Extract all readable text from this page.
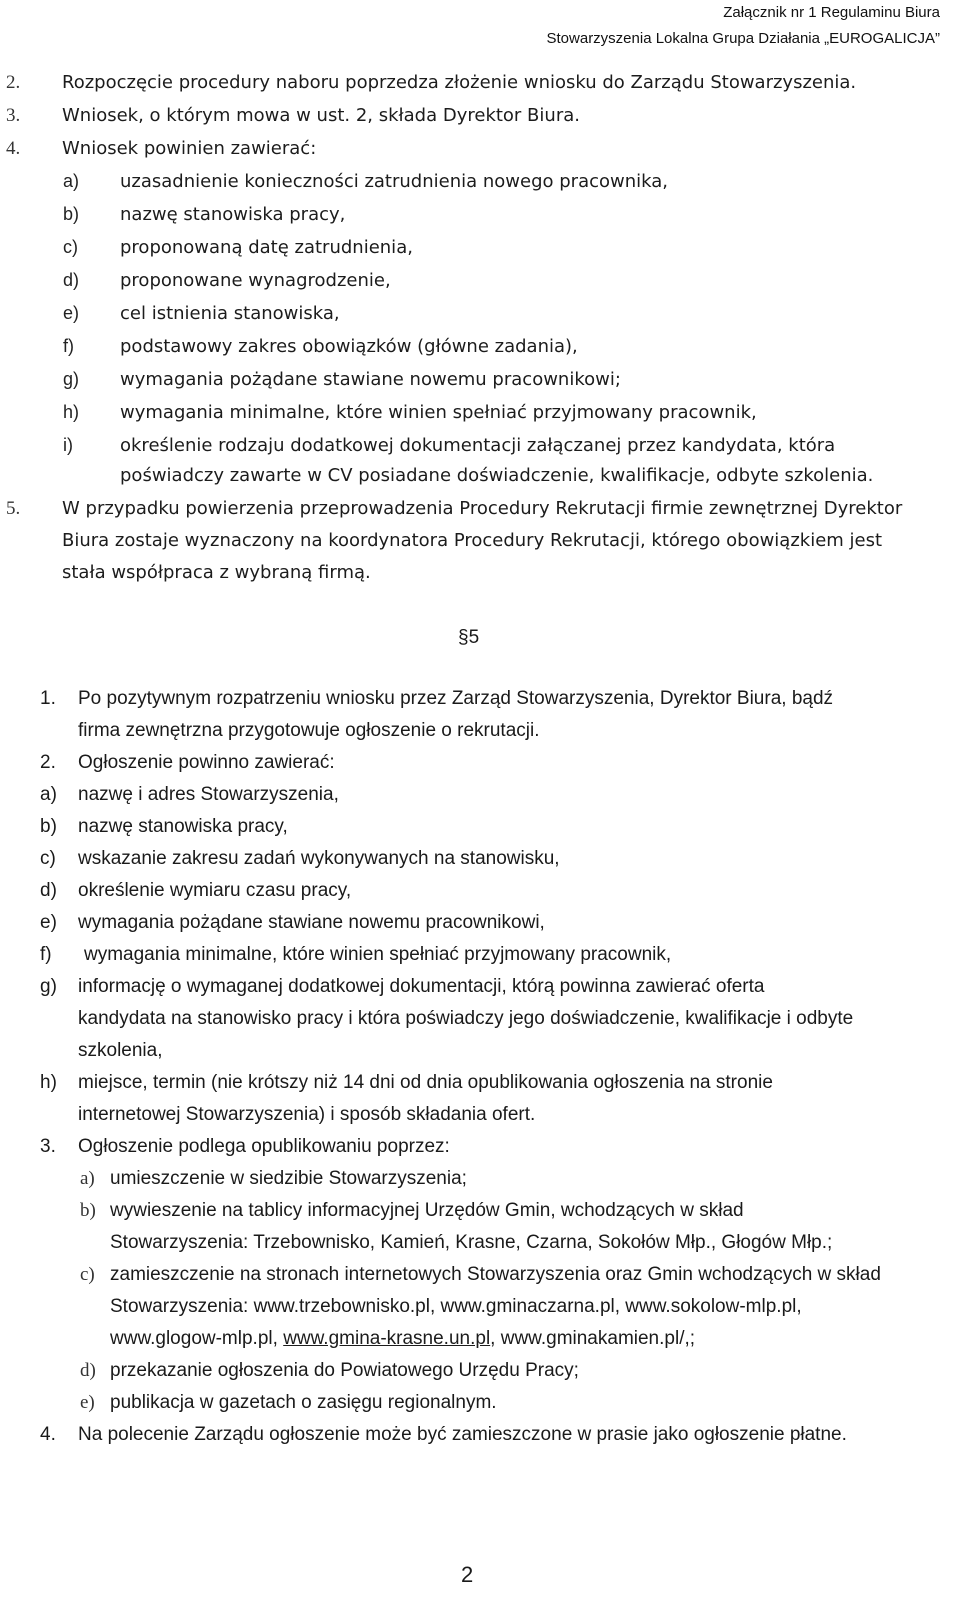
Załącznik nr 1 Regulaminu Biura
Stowarzyszenia Lokalna Grupa Działania „EUROGALICJA”
2. Rozpoczęcie procedury naboru poprzedza złożenie wniosku do Zarządu Stowarzyszenia.
3. Wniosek, o którym mowa w ust. 2, składa Dyrektor Biura.
4. Wniosek powinien zawierać:
a) uzasadnienie konieczności zatrudnienia nowego pracownika,
b) nazwę stanowiska pracy,
c) proponowaną datę zatrudnienia,
d) proponowane wynagrodzenie,
e) cel istnienia stanowiska,
f)	podstawowy zakres obowiązków (główne zadania),
g) wymagania pożądane stawiane nowemu pracownikowi;
h) wymagania minimalne, które winien spełniać przyjmowany pracownik,
i)	określenie rodzaju dodatkowej dokumentacji załączanej przez kandydata, która
poświadczy zawarte w CV posiadane doświadczenie, kwalifikacje, odbyte szkolenia.
5. W przypadku powierzenia przeprowadzenia Procedury Rekrutacji firmie zewnętrznej Dyrektor
Biura zostaje wyznaczony na koordynatora Procedury Rekrutacji, którego obowiązkiem jest
stała współpraca z wybraną firmą.
§5
1. Po pozytywnym rozpatrzeniu wniosku przez Zarząd Stowarzyszenia, Dyrektor Biura, bądź
firma zewnętrzna przygotowuje ogłoszenie o rekrutacji.
2. Ogłoszenie powinno zawierać:
a) nazwę i adres Stowarzyszenia,
b) nazwę stanowiska pracy,
c) wskazanie zakresu zadań wykonywanych na stanowisku,
d) określenie wymiaru czasu pracy,
e) wymagania pożądane stawiane nowemu pracownikowi,
f) wymagania minimalne, które winien spełniać przyjmowany pracownik,
g) informację o wymaganej dodatkowej dokumentacji, którą powinna zawierać oferta
kandydata na stanowisko pracy i która poświadczy jego doświadczenie, kwalifikacje i odbyte
szkolenia,
h) miejsce, termin (nie krótszy niż 14 dni od dnia opublikowania ogłoszenia na stronie
internetowej Stowarzyszenia) i sposób składania ofert.
3. Ogłoszenie podlega opublikowaniu poprzez:
a) umieszczenie w siedzibie Stowarzyszenia;
b) wywieszenie na tablicy informacyjnej Urzędów Gmin, wchodzących w skład
Stowarzyszenia: Trzebownisko, Kamień, Krasne, Czarna, Sokołów Młp., Głogów Młp.;
c) zamieszczenie na stronach internetowych Stowarzyszenia oraz Gmin wchodzących w skład
Stowarzyszenia: www.trzebownisko.pl, www.gminaczarna.pl, www.sokolow-mlp.pl,
www.glogow-mlp.pl, www.gmina-krasne.un.pl, www.gminakamien.pl/,;
d) przekazanie ogłoszenia do Powiatowego Urzędu Pracy;
e) publikacja w gazetach o zasięgu regionalnym.
4. Na polecenie Zarządu ogłoszenie może być zamieszczone w prasie jako ogłoszenie płatne.
2
